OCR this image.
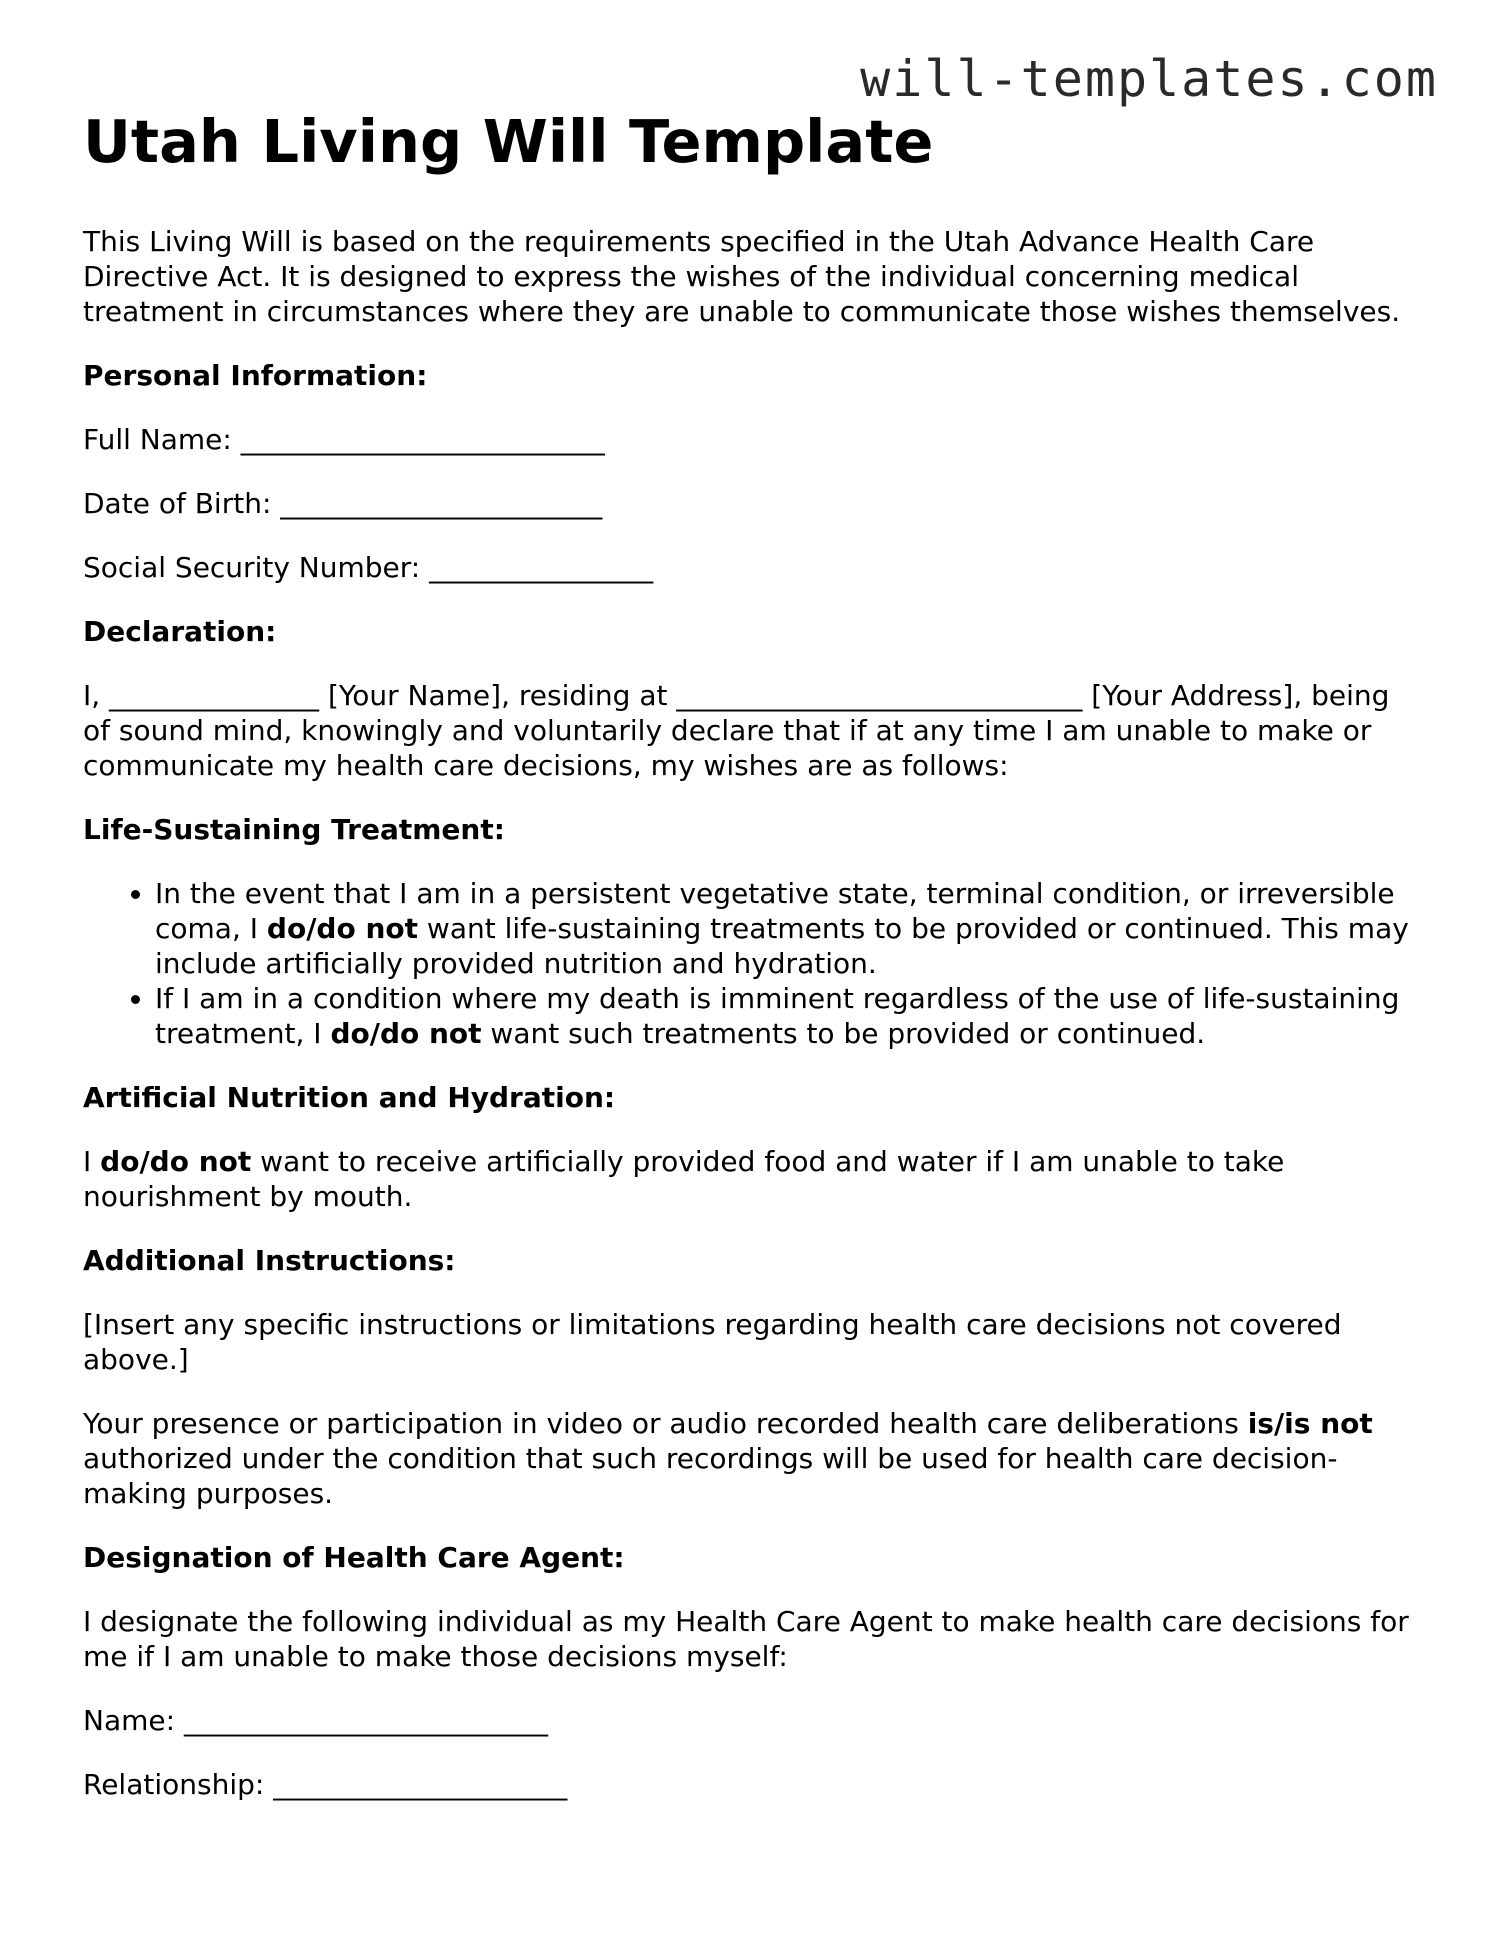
will-templates.com
Utah Living Will Template

This Living Will is based on the requirements specified in the Utah Advance Health Care Directive Act. It is designed to express the wishes of the individual concerning medical treatment in circumstances where they are unable to communicate those wishes themselves.

Personal Information:

Full Name: __________________________

Date of Birth: _______________________

Social Security Number: ________________

Declaration:

I, _______________ [Your Name], residing at _____________________________ [Your Address], being of sound mind, knowingly and voluntarily declare that if at any time I am unable to make or communicate my health care decisions, my wishes are as follows:

Life-Sustaining Treatment:
• In the event that I am in a persistent vegetative state, terminal condition, or irreversible coma, I do/do not want life-sustaining treatments to be provided or continued. This may include artificially provided nutrition and hydration.
• If I am in a condition where my death is imminent regardless of the use of life-sustaining treatment, I do/do not want such treatments to be provided or continued.
Artificial Nutrition and Hydration:

I do/do not want to receive artificially provided food and water if I am unable to take nourishment by mouth.

Additional Instructions:

[Insert any specific instructions or limitations regarding health care decisions not covered above.]

Your presence or participation in video or audio recorded health care deliberations is/is not authorized under the condition that such recordings will be used for health care decision-making purposes.

Designation of Health Care Agent:

I designate the following individual as my Health Care Agent to make health care decisions for me if I am unable to make those decisions myself:

Name: __________________________

Relationship: _____________________
